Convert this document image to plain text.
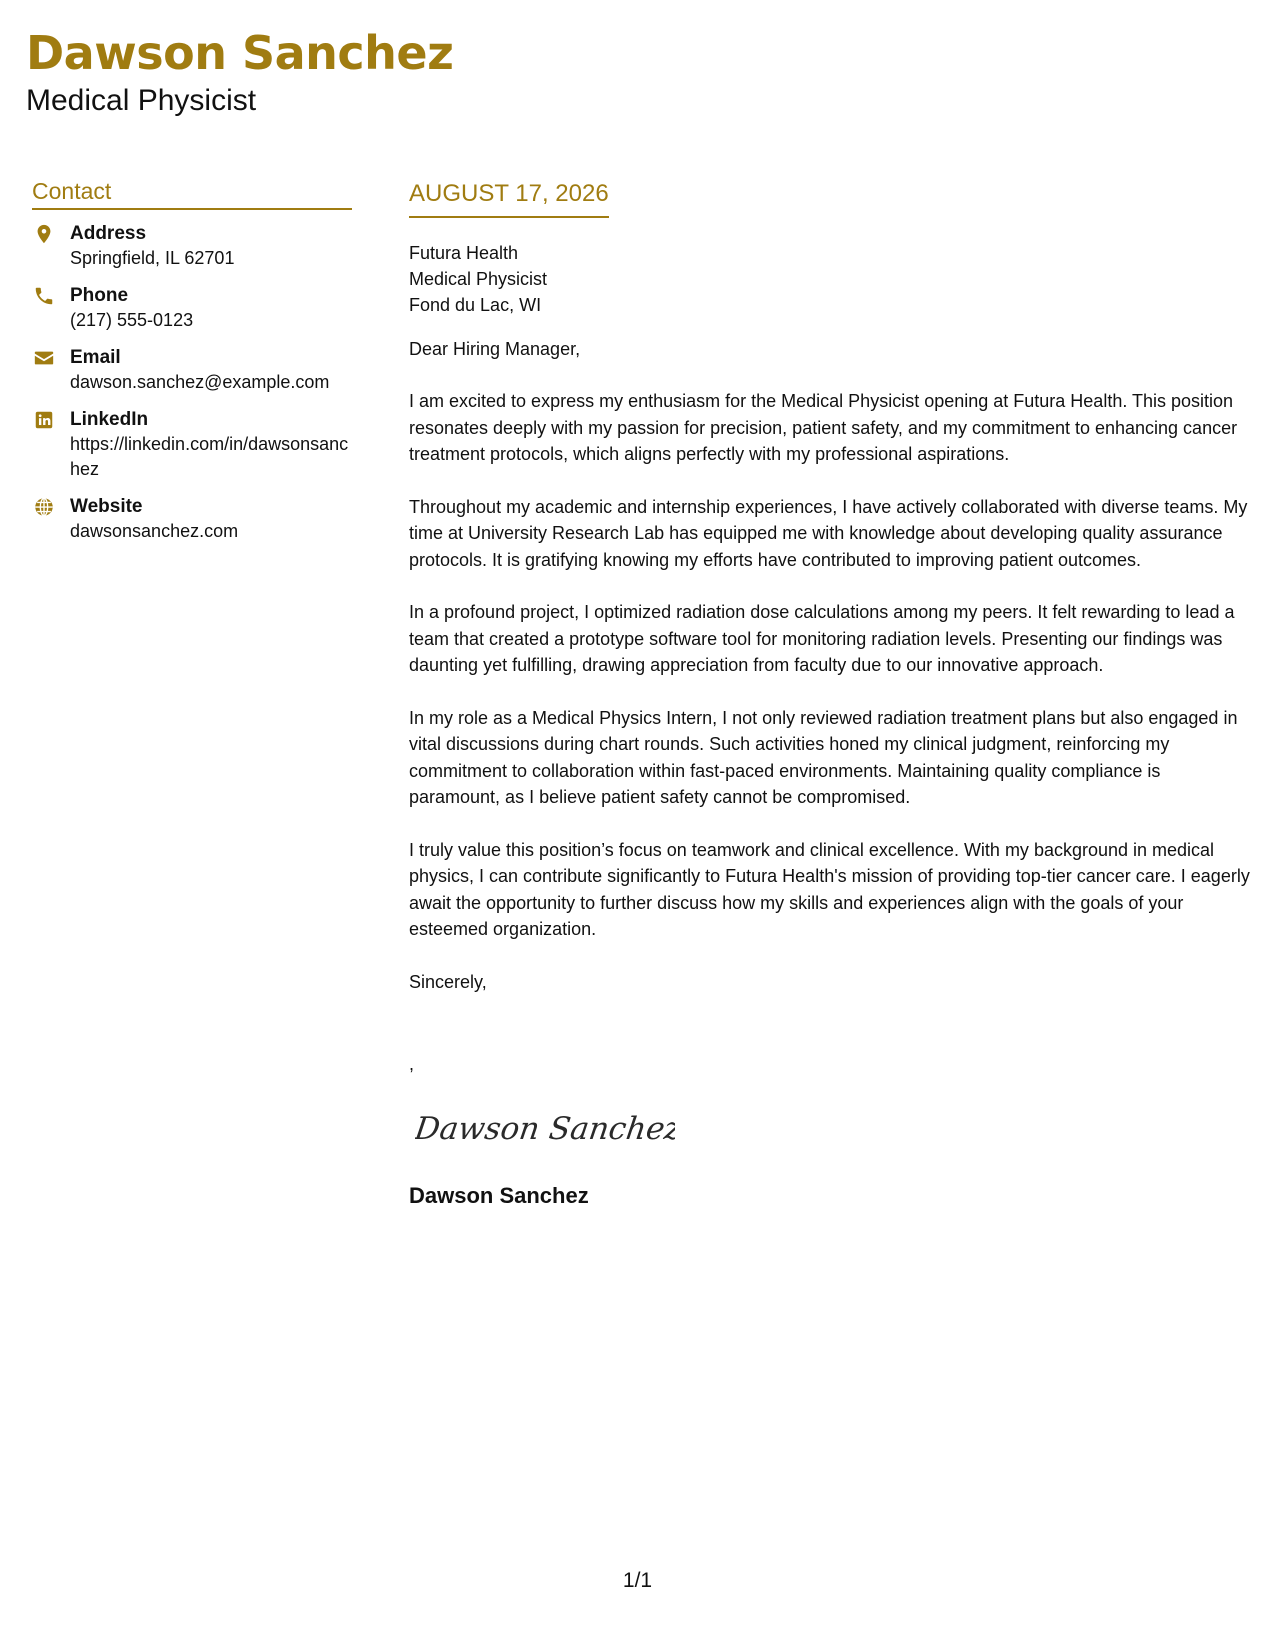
Dawson Sanchez
Medical Physicist
Contact
Address
Springfield, IL 62701
Phone
(217) 555-0123
Email
dawson.sanchez@example.com
LinkedIn
https://linkedin.com/in/dawsonsanchez
Website
dawsonsanchez.com
AUGUST 17, 2026
Futura Health
Medical Physicist
Fond du Lac, WI
Dear Hiring Manager,
I am excited to express my enthusiasm for the Medical Physicist opening at Futura Health. This position resonates deeply with my passion for precision, patient safety, and my commitment to enhancing cancer treatment protocols, which aligns perfectly with my professional aspirations.
Throughout my academic and internship experiences, I have actively collaborated with diverse teams. My time at University Research Lab has equipped me with knowledge about developing quality assurance protocols. It is gratifying knowing my efforts have contributed to improving patient outcomes.
In a profound project, I optimized radiation dose calculations among my peers. It felt rewarding to lead a team that created a prototype software tool for monitoring radiation levels. Presenting our findings was daunting yet fulfilling, drawing appreciation from faculty due to our innovative approach.
In my role as a Medical Physics Intern, I not only reviewed radiation treatment plans but also engaged in vital discussions during chart rounds. Such activities honed my clinical judgment, reinforcing my commitment to collaboration within fast-paced environments. Maintaining quality compliance is paramount, as I believe patient safety cannot be compromised.
I truly value this position’s focus on teamwork and clinical excellence. With my background in medical physics, I can contribute significantly to Futura Health's mission of providing top-tier cancer care. I eagerly await the opportunity to further discuss how my skills and experiences align with the goals of your esteemed organization.
Sincerely,
,
Dawson Sanchez
Dawson Sanchez
1/1
